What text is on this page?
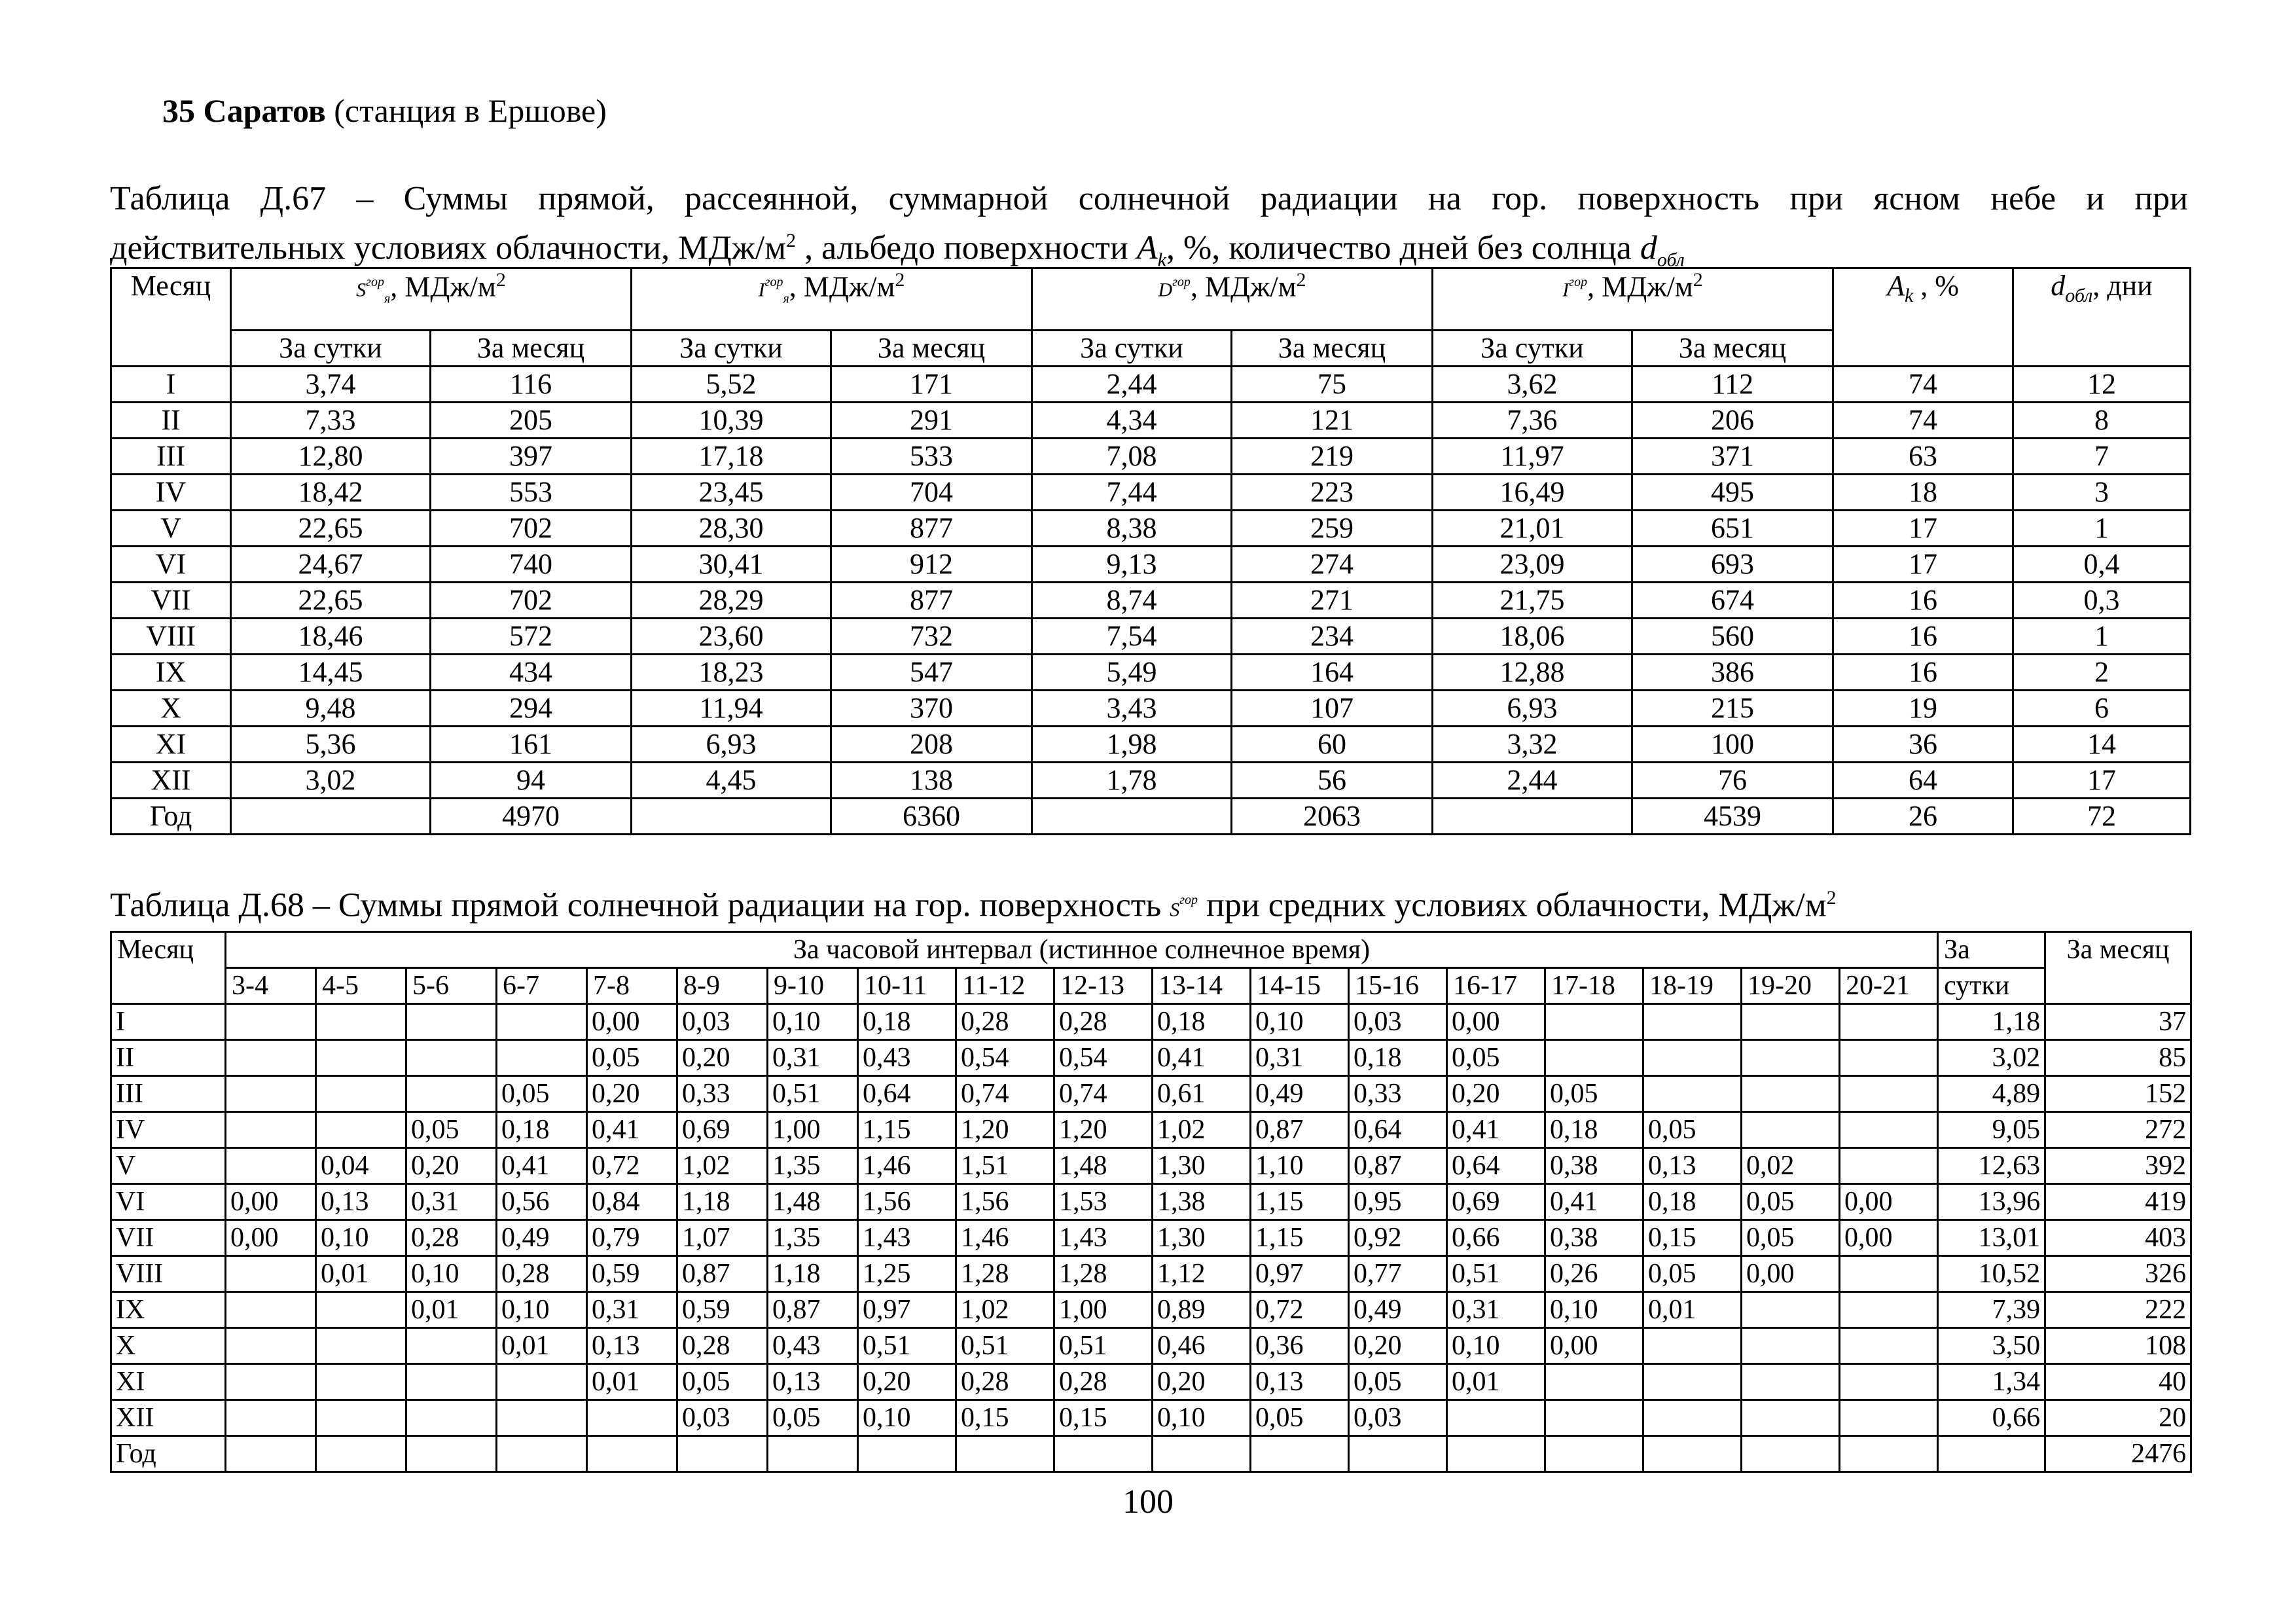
35 Саратов (станция в Ершове)
Таблица Д.67 – Суммы прямой, рассеянной, суммарной солнечной радиации на гор. поверхность при ясном небе и при
действительных условиях облачности, МДж/$м^2$ , альбедо поверхности $A_k$, %, количество дней без солнца $d_{обл}$
Месяц	$S^{гор}_я$, МДж/$м^2$		$I^{гор}_я$, МДж/$м^2$		$D^{гор}$, МДж/$м^2$		$I^{гор}$, МДж/$м^2$		$A_k$ , %	$d_{обл}$, дни
	За сутки	За месяц	За сутки	За месяц	За сутки	За месяц	За сутки	За месяц		
I	3,74	116	5,52	171	2,44	75	3,62	112	74	12
II	7,33	205	10,39	291	4,34	121	7,36	206	74	8
III	12,80	397	17,18	533	7,08	219	11,97	371	63	7
IV	18,42	553	23,45	704	7,44	223	16,49	495	18	3
V	22,65	702	28,30	877	8,38	259	21,01	651	17	1
VI	24,67	740	30,41	912	9,13	274	23,09	693	17	0,4
VII	22,65	702	28,29	877	8,74	271	21,75	674	16	0,3
VIII	18,46	572	23,60	732	7,54	234	18,06	560	16	1
IX	14,45	434	18,23	547	5,49	164	12,88	386	16	2
X	9,48	294	11,94	370	3,43	107	6,93	215	19	6
XI	5,36	161	6,93	208	1,98	60	3,32	100	36	14
XII	3,02	94	4,45	138	1,78	56	2,44	76	64	17
Год		4970		6360		2063		4539	26	72
Таблица Д.68 – Суммы прямой солнечной радиации на гор. поверхность $S^{гор}$ при средних условиях облачности, МДж/$м^2$
Месяц	За часовой интервал (истинное солнечное время)																		За	За месяц
	3-4	4-5	5-6	6-7	7-8	8-9	9-10	10-11	11-12	12-13	13-14	14-15	15-16	16-17	17-18	18-19	19-20	20-21	сутки	
I					0,00	0,03	0,10	0,18	0,28	0,28	0,18	0,10	0,03	0,00					1,18	37
II					0,05	0,20	0,31	0,43	0,54	0,54	0,41	0,31	0,18	0,05					3,02	85
III				0,05	0,20	0,33	0,51	0,64	0,74	0,74	0,61	0,49	0,33	0,20	0,05				4,89	152
IV			0,05	0,18	0,41	0,69	1,00	1,15	1,20	1,20	1,02	0,87	0,64	0,41	0,18	0,05			9,05	272
V		0,04	0,20	0,41	0,72	1,02	1,35	1,46	1,51	1,48	1,30	1,10	0,87	0,64	0,38	0,13	0,02		12,63	392
VI	0,00	0,13	0,31	0,56	0,84	1,18	1,48	1,56	1,56	1,53	1,38	1,15	0,95	0,69	0,41	0,18	0,05	0,00	13,96	419
VII	0,00	0,10	0,28	0,49	0,79	1,07	1,35	1,43	1,46	1,43	1,30	1,15	0,92	0,66	0,38	0,15	0,05	0,00	13,01	403
VIII		0,01	0,10	0,28	0,59	0,87	1,18	1,25	1,28	1,28	1,12	0,97	0,77	0,51	0,26	0,05	0,00		10,52	326
IX			0,01	0,10	0,31	0,59	0,87	0,97	1,02	1,00	0,89	0,72	0,49	0,31	0,10	0,01			7,39	222
X				0,01	0,13	0,28	0,43	0,51	0,51	0,51	0,46	0,36	0,20	0,10	0,00				3,50	108
XI					0,01	0,05	0,13	0,20	0,28	0,28	0,20	0,13	0,05	0,01					1,34	40
XII						0,03	0,05	0,10	0,15	0,15	0,10	0,05	0,03						0,66	20
Год																				2476
100
